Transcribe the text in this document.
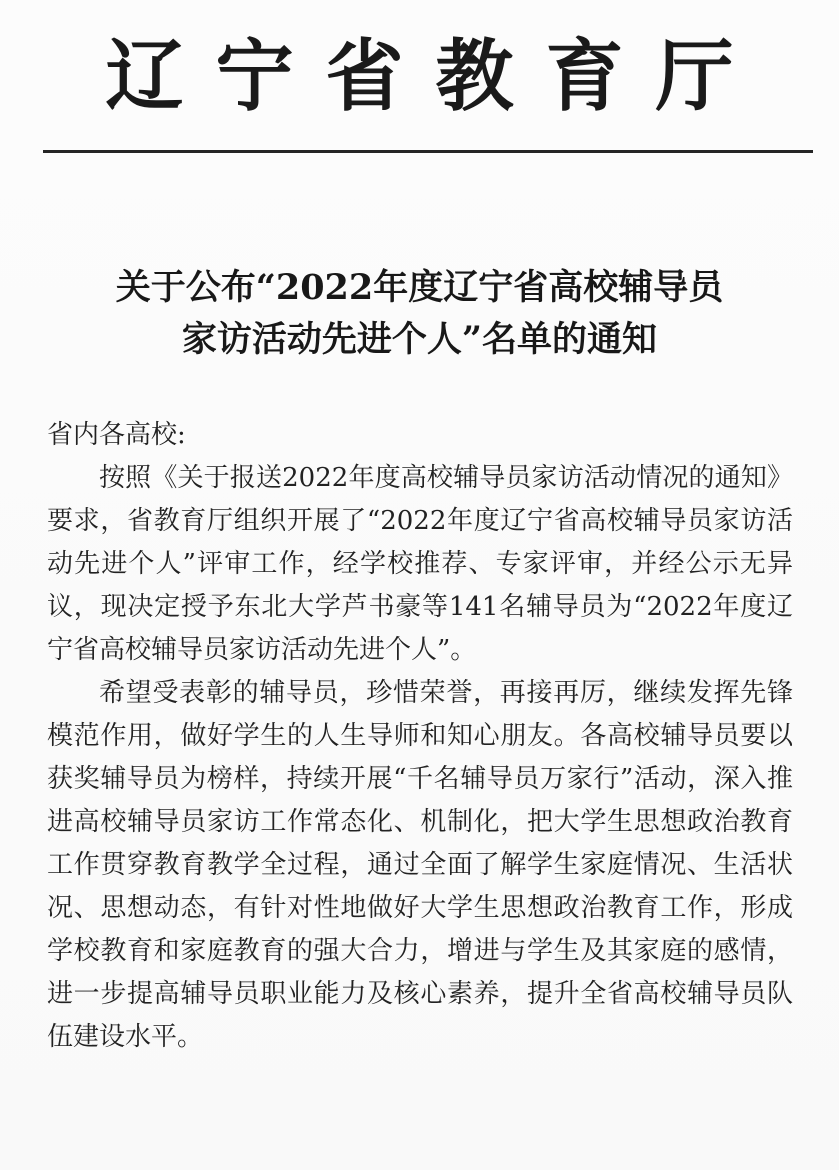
辽宁省教育厅
关于公布“2022年度辽宁省高校辅导员
家访活动先进个人”名单的通知

省内各高校:

按照《关于报送2022年度高校辅导员家访活动情况的通知》要求，省教育厅组织开展了“2022年度辽宁省高校辅导员家访活动先进个人”评审工作，经学校推荐、专家评审，并经公示无异议，现决定授予东北大学芦书豪等141名辅导员为“2022年度辽宁省高校辅导员家访活动先进个人”。

希望受表彰的辅导员，珍惜荣誉，再接再厉，继续发挥先锋模范作用，做好学生的人生导师和知心朋友。各高校辅导员要以获奖辅导员为榜样，持续开展“千名辅导员万家行”活动，深入推进高校辅导员家访工作常态化、机制化，把大学生思想政治教育工作贯穿教育教学全过程，通过全面了解学生家庭情况、生活状况、思想动态，有针对性地做好大学生思想政治教育工作，形成学校教育和家庭教育的强大合力，增进与学生及其家庭的感情，进一步提高辅导员职业能力及核心素养，提升全省高校辅导员队伍建设水平。
